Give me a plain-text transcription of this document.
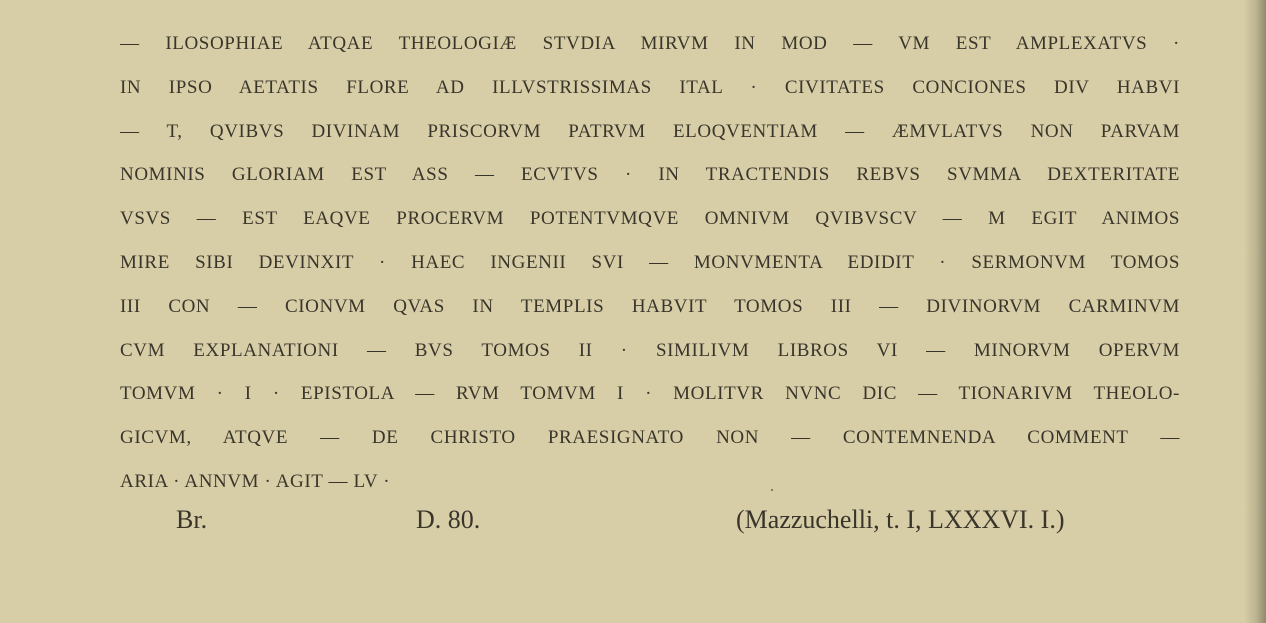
— ILOSOPHIAE ATQAE THEOLOGIÆ STVDIA MIRVM IN MOD — VM EST AMPLEXATVS ·
IN IPSO AETATIS FLORE AD ILLVSTRISSIMAS ITAL · CIVITATES CONCIONES DIV HABVI
— T, QVIBVS DIVINAM PRISCORVM PATRVM ELOQVENTIAM — ÆMVLATVS NON PARVAM
NOMINIS GLORIAM EST ASS — ECVTVS · IN TRACTENDIS REBVS SVMMA DEXTERITATE
VSVS — EST EAQVE PROCERVM POTENTVMQVE OMNIVM QVIBVSCV — M EGIT ANIMOS
MIRE SIBI DEVINXIT · HAEC INGENII SVI — MONVMENTA EDIDIT · SERMONVM TOMOS
III CON — CIONVM QVAS IN TEMPLIS HABVIT TOMOS III — DIVINORVM CARMINVM
CVM EXPLANATIONI — BVS TOMOS II · SIMILIVM LIBROS VI — MINORVM OPERVM
TOMVM · I · EPISTOLA — RVM TOMVM I · MOLITVR NVNC DIC — TIONARIVM THEOLO-
GICVM, ATQVE — DE CHRISTO PRAESIGNATO NON — CONTEMNENDA COMMENT —
ARIA · ANNVM · AGIT — LV ·
Br.	D. 80.	(Mazzuchelli, t. I, LXXXVI. I.)
